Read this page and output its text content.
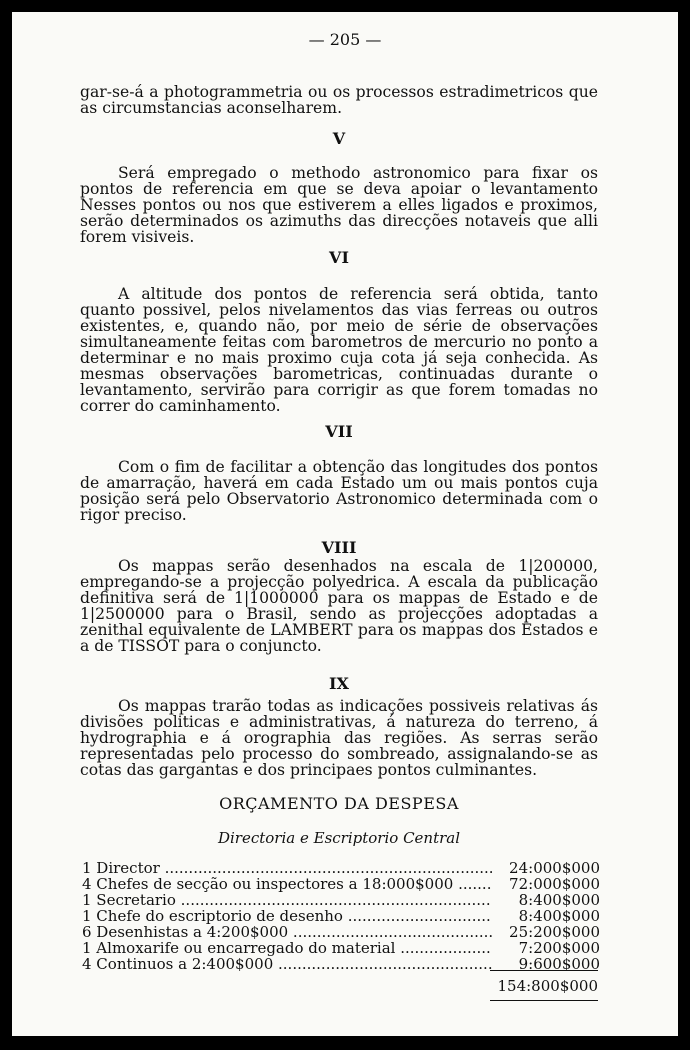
— 205 —

gar-se-á a photogrammetria ou os processos estradimetricos que as circumstancias aconselharem.

V

Será empregado o methodo astronomico para fixar os pontos de referencia em que se deva apoiar o levantamento Nesses pontos ou nos que estiverem a elles ligados e proximos, serão determinados os azimuths das direcções notaveis que alli forem visiveis.

VI

A altitude dos pontos de referencia será obtida, tanto quanto possivel, pelos nivelamentos das vias ferreas ou outros existentes, e, quando não, por meio de série de observações simultaneamente feitas com barometros de mercurio no ponto a determinar e no mais proximo cuja cota já seja conhecida. As mesmas observações barometricas, continuadas durante o levantamento, servirão para corrigir as que forem tomadas no correr do caminhamento.

VII

Com o fim de facilitar a obtenção das longitudes dos pontos de amarração, haverá em cada Estado um ou mais pontos cuja posição será pelo Observatorio Astronomico determinada com o rigor preciso.

VIII

Os mappas serão desenhados na escala de 1|200000, empregando-se a projecção polyedrica. A escala da publicação definitiva será de 1|1000000 para os mappas de Estado e de 1|2500000 para o Brasil, sendo as projecções adoptadas a zenithal equivalente de LAMBERT para os mappas dos Estados e a de TISSOT para o conjuncto.

IX

Os mappas trarão todas as indicações possiveis relativas ás divisões politicas e administrativas, á natureza do terreno, á hydrographia e á orographia das regiões. As serras serão representadas pelo processo do sombreado, assignalando-se as cotas das gargantas e dos principaes pontos culminantes.

ORÇAMENTO DA DESPESA
Directoria e Escriptorio Central
1 Director .....	24:000$000
4 Chefes de secção ou inspectores a 18:000$000 .....	72:000$000
1 Secretario .....	8:400$000
1 Chefe do escriptorio de desenho .....	8:400$000
6 Desenhistas a 4:200$000 .....	25:200$000
1 Almoxarife ou encarregado do material .....	7:200$000
4 Continuos a 2:400$000 .....	9:600$000
154:800$000
